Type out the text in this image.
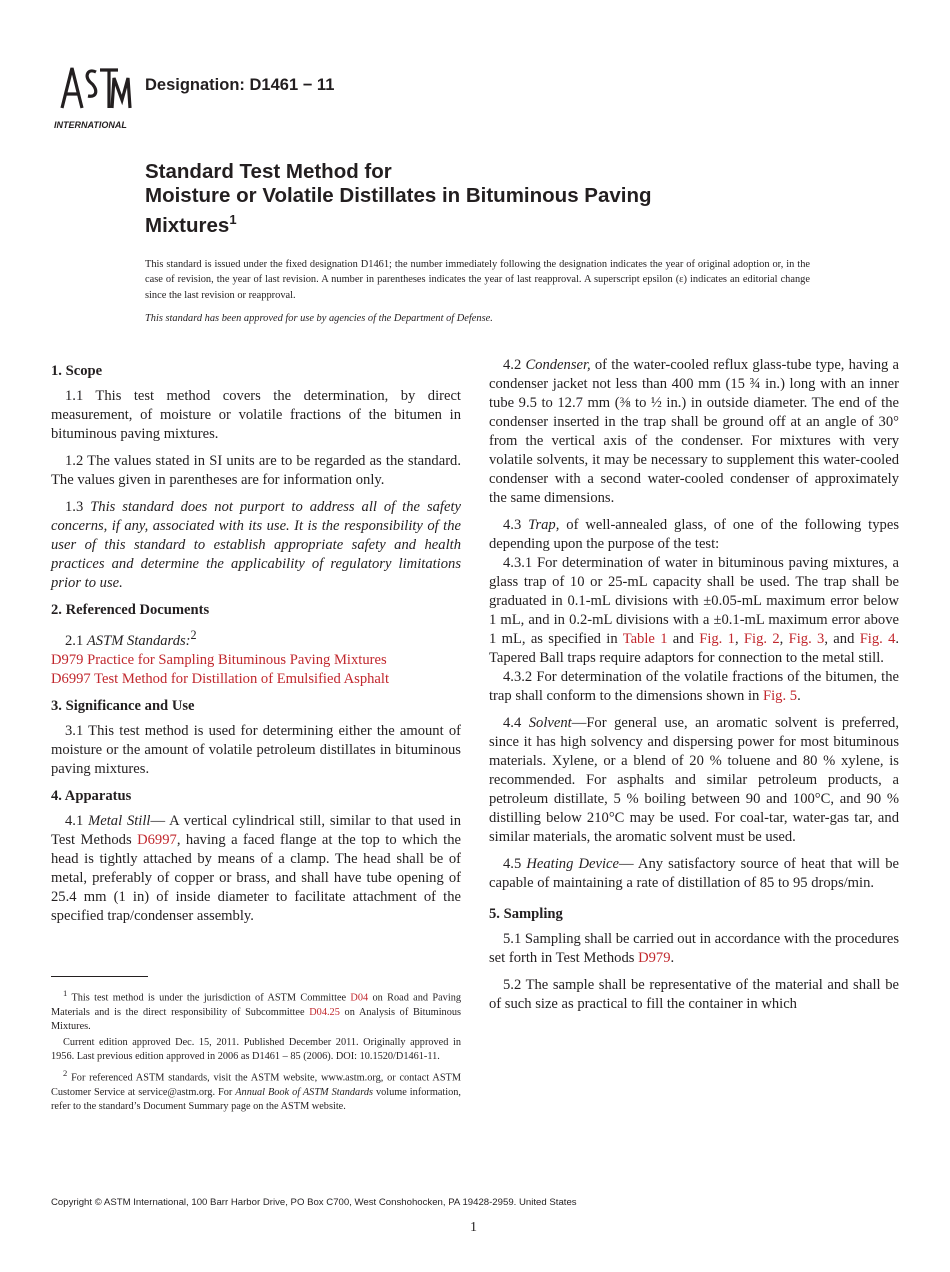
INTERNATIONAL
Designation: D1461 − 11
Standard Test Method for
Moisture or Volatile Distillates in Bituminous Paving
Mixtures$^1$

This standard is issued under the fixed designation D1461; the number immediately following the designation indicates the year of original adoption or, in the case of revision, the year of last revision. A number in parentheses indicates the year of last reapproval. A superscript epsilon (ε) indicates an editorial change since the last revision or reapproval.

This standard has been approved for use by agencies of the Department of Defense.

1. Scope

1.1 This test method covers the determination, by direct measurement, of moisture or volatile fractions of the bitumen in bituminous paving mixtures.

1.2 The values stated in SI units are to be regarded as the standard. The values given in parentheses are for information only.

1.3 This standard does not purport to address all of the safety concerns, if any, associated with its use. It is the responsibility of the user of this standard to establish appropriate safety and health practices and determine the applicability of regulatory limitations prior to use.

2. Referenced Documents

2.1 ASTM Standards:$^2$

D979 Practice for Sampling Bituminous Paving Mixtures

D6997 Test Method for Distillation of Emulsified Asphalt

3. Significance and Use

3.1 This test method is used for determining either the amount of moisture or the amount of volatile petroleum distillates in bituminous paving mixtures.

4. Apparatus

4.1 Metal Still— A vertical cylindrical still, similar to that used in Test Methods D6997, having a faced flange at the top to which the head is tightly attached by means of a clamp. The head shall be of metal, preferably of copper or brass, and shall have tube opening of 25.4 mm (1 in) of inside diameter to facilitate attachment of the specified trap/condenser assembly.

$^1$ This test method is under the jurisdiction of ASTM Committee D04 on Road and Paving Materials and is the direct responsibility of Subcommittee D04.25 on Analysis of Bituminous Mixtures.

Current edition approved Dec. 15, 2011. Published December 2011. Originally approved in 1956. Last previous edition approved in 2006 as D1461 – 85 (2006). DOI: 10.1520/D1461-11.

$^2$ For referenced ASTM standards, visit the ASTM website, www.astm.org, or contact ASTM Customer Service at service@astm.org. For Annual Book of ASTM Standards volume information, refer to the standard’s Document Summary page on the ASTM website.

4.2 Condenser, of the water-cooled reflux glass-tube type, having a condenser jacket not less than 400 mm (15 ¾ in.) long with an inner tube 9.5 to 12.7 mm (⅜ to ½ in.) in outside diameter. The end of the condenser inserted in the trap shall be ground off at an angle of 30° from the vertical axis of the condenser. For mixtures with very volatile solvents, it may be necessary to supplement this water-cooled condenser with a second water-cooled condenser of approximately the same dimensions.

4.3 Trap, of well-annealed glass, of one of the following types depending upon the purpose of the test:

4.3.1 For determination of water in bituminous paving mixtures, a glass trap of 10 or 25-mL capacity shall be used. The trap shall be graduated in 0.1-mL divisions with ±0.05-mL maximum error below 1 mL, and in 0.2-mL divisions with a ±0.1-mL maximum error above 1 mL, as specified in Table 1 and Fig. 1, Fig. 2, Fig. 3, and Fig. 4. Tapered Ball traps require adaptors for connection to the metal still.

4.3.2 For determination of the volatile fractions of the bitumen, the trap shall conform to the dimensions shown in Fig. 5.

4.4 Solvent—For general use, an aromatic solvent is preferred, since it has high solvency and dispersing power for most bituminous materials. Xylene, or a blend of 20 % toluene and 80 % xylene, is recommended. For asphalts and similar petroleum products, a petroleum distillate, 5 % boiling between 90 and 100°C, and 90 % distilling below 210°C may be used. For coal-tar, water-gas tar, and similar materials, the aromatic solvent must be used.

4.5 Heating Device— Any satisfactory source of heat that will be capable of maintaining a rate of distillation of 85 to 95 drops/min.

5. Sampling

5.1 Sampling shall be carried out in accordance with the procedures set forth in Test Methods D979.

5.2 The sample shall be representative of the material and shall be of such size as practical to fill the container in which

Copyright © ASTM International, 100 Barr Harbor Drive, PO Box C700, West Conshohocken, PA 19428-2959. United States
1
